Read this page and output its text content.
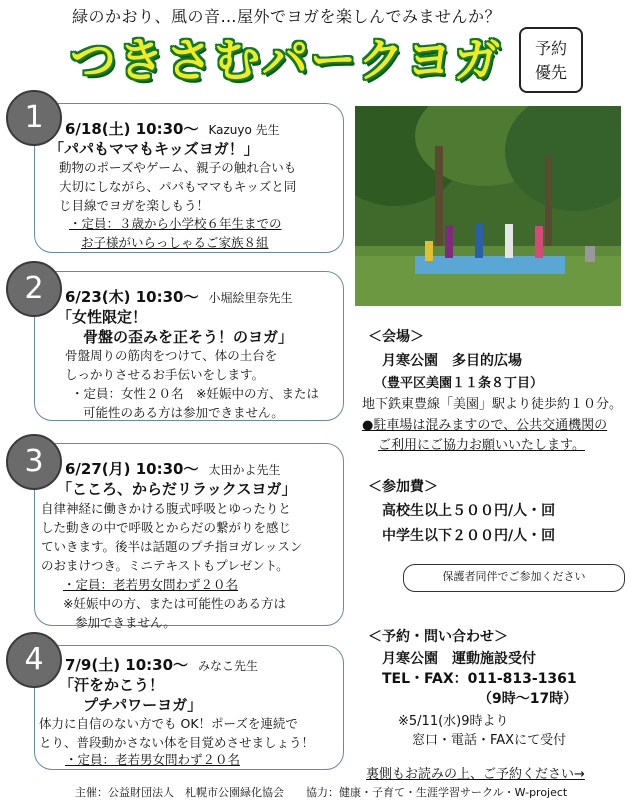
緑のかおり、風の音…屋外でヨガを楽しんでみませんか？
つきさむパークヨガ	予約
優先
6/18(土) 10:30～ Kazuyo 先生
「パパもママもキッズヨガ！」
動物のポーズやゲーム、親子の触れ合いも
大切にしながら、パパもママもキッズと同
じ目線でヨガを楽しもう！
・定員：３歳から小学校６年生までの
お子様がいらっしゃるご家族８組
1
6/23(木) 10:30～ 小堀絵里奈先生
「女性限定！
骨盤の歪みを正そう！のヨガ」
骨盤周りの筋肉をつけて、体の土台を
しっかりさせるお手伝いをします。
・定員：女性２０名　※妊娠中の方、または
可能性のある方は参加できません。
2
6/27(月) 10:30～ 太田かよ先生
「こころ、からだリラックスヨガ」
自律神経に働きかける腹式呼吸とゆったりと
した動きの中で呼吸とからだの繋がりを感じ
ていきます。後半は話題のプチ指ヨガレッスン
のおまけつき。ミニテキストもプレゼント。
・定員：老若男女問わず２０名
※妊娠中の方、または可能性のある方は
参加できません。
3
7/9(土) 10:30～ みなこ先生
「汗をかこう！
プチパワーヨガ」
体力に自信のない方でも OK！ポーズを連続で
とり、普段動かさない体を目覚めさせましょう！
・定員：老若男女問わず２０名
4
＜会場＞
月寒公園　多目的広場
（豊平区美園１１条８丁目）
地下鉄東豊線「美園」駅より徒歩約１０分。
●駐車場は混みますので、公共交通機関の
ご利用にご協力お願いいたします。
＜参加費＞
高校生以上５００円/人・回
中学生以下２００円/人・回
保護者同伴でご参加ください
＜予約・問い合わせ＞
月寒公園　運動施設受付
TEL・FAX：011-813-1361
（9時～17時）
※5/11(水)9時より
窓口・電話・FAXにて受付
裏側もお読みの上、ご予約ください→
主催：公益財団法人　札幌市公園緑化協会　　協力：健康・子育て・生涯学習サークル・W-project
